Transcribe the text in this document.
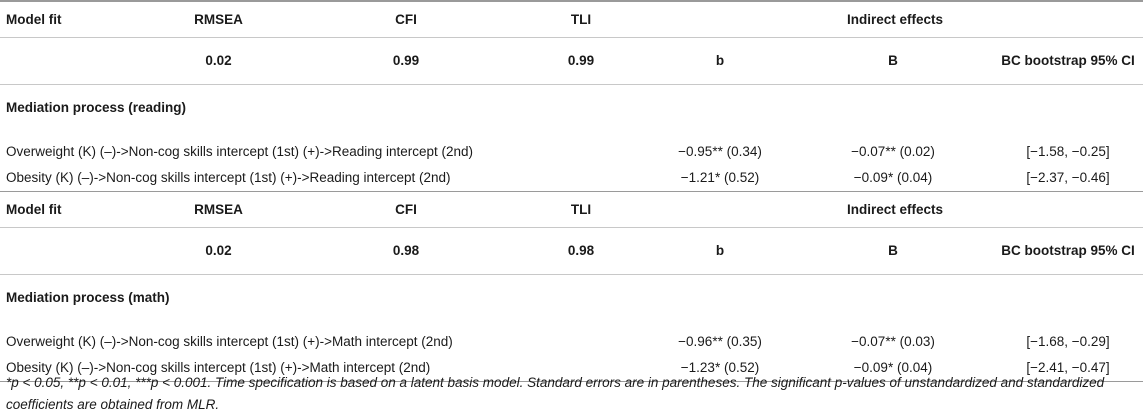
Model fit	RMSEA	CFI	TLI	Indirect effects		
	0.02	0.99	0.99	b	B	BC bootstrap 95% CI
Mediation process (reading)						

Overweight (K) (–)->Non-cog skills intercept (1st) (+)->Reading intercept (2nd)				−0.95** (0.34)	−0.07** (0.02)	[−1.58, −0.25]
Obesity (K) (–)->Non-cog skills intercept (1st) (+)->Reading intercept (2nd)				−1.21* (0.52)	−0.09* (0.04)	[−2.37, −0.46]
Model fit	RMSEA	CFI	TLI	Indirect effects		
	0.02	0.98	0.98	b	B	BC bootstrap 95% CI
Mediation process (math)						

Overweight (K) (–)->Non-cog skills intercept (1st) (+)->Math intercept (2nd)				−0.96** (0.35)	−0.07** (0.03)	[−1.68, −0.29]
Obesity (K) (–)->Non-cog skills intercept (1st) (+)->Math intercept (2nd)				−1.23* (0.52)	−0.09* (0.04)	[−2.41, −0.47]
*p < 0.05, **p < 0.01, ***p < 0.001. Time specification is based on a latent basis model. Standard errors are in parentheses. The significant p-values of unstandardized and standardized coefficients are obtained from MLR.
